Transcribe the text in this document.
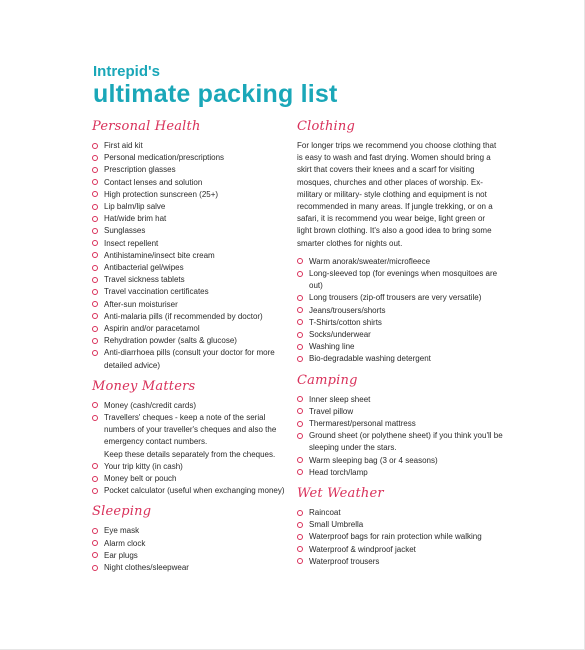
Intrepid's
ultimate packing list
Personal Health
First aid kit
Personal medication/prescriptions
Prescription glasses
Contact lenses and solution
High protection sunscreen (25+)
Lip balm/lip salve
Hat/wide brim hat
Sunglasses
Insect repellent
Antihistamine/insect bite cream
Antibacterial gel/wipes
Travel sickness tablets
Travel vaccination certificates
After-sun moisturiser
Anti-malaria pills (if recommended by doctor)
Aspirin and/or paracetamol
Rehydration powder (salts & glucose)
Anti-diarrhoea pills (consult your doctor for more detailed advice)
Money Matters
Money (cash/credit cards)
Travellers' cheques - keep a note of the serial numbers of your traveller's cheques and also the emergency contact numbers.
Keep these details separately from the cheques.
Your trip kitty (in cash)
Money belt or pouch
Pocket calculator (useful when exchanging money)
Sleeping
Eye mask
Alarm clock
Ear plugs
Night clothes/sleepwear
Clothing

For longer trips we recommend you choose clothing that is easy to wash and fast drying. Women should bring a skirt that covers their knees and a scarf for visiting mosques, churches and other places of worship. Ex-military or military- style clothing and equipment is not recommended in many areas. If jungle trekking, or on a safari, it is recommend you wear beige, light green or light brown clothing. It's also a good idea to bring some smarter clothes for nights out.

Warm anorak/sweater/microfleece
Long-sleeved top (for evenings when mosquitoes are out)
Long trousers (zip-off trousers are very versatile)
Jeans/trousers/shorts
T-Shirts/cotton shirts
Socks/underwear
Washing line
Bio-degradable washing detergent
Camping
Inner sleep sheet
Travel pillow
Thermarest/personal mattress
Ground sheet (or polythene sheet) if you think you'll be sleeping under the stars.
Warm sleeping bag (3 or 4 seasons)
Head torch/lamp
Wet Weather
Raincoat
Small Umbrella
Waterproof bags for rain protection while walking
Waterproof & windproof jacket
Waterproof trousers
